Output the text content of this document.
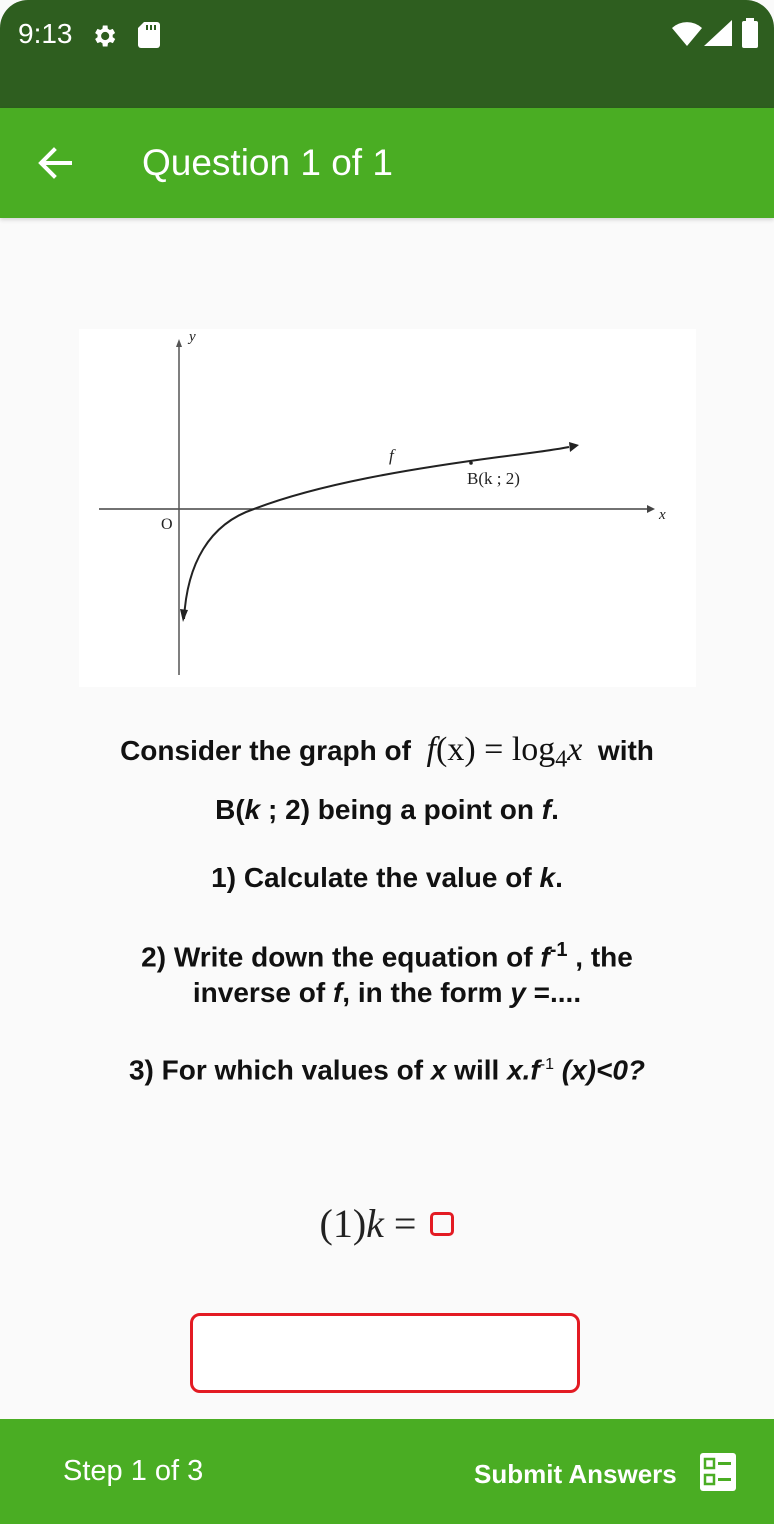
9:13
Question 1 of 1
y
x
O
f
B(k ; 2)

Consider the graph of $f(x) = \log_4x$ with

B(k ; 2) being a point on f.

1) Calculate the value of k.

2) Write down the equation of $f^{-1}$ , the

inverse of f, in the form y =....

3) For which values of x will $x.f^{-1}$ (x)<0?

(1)k =
Step 1 of 3	Submit Answers
